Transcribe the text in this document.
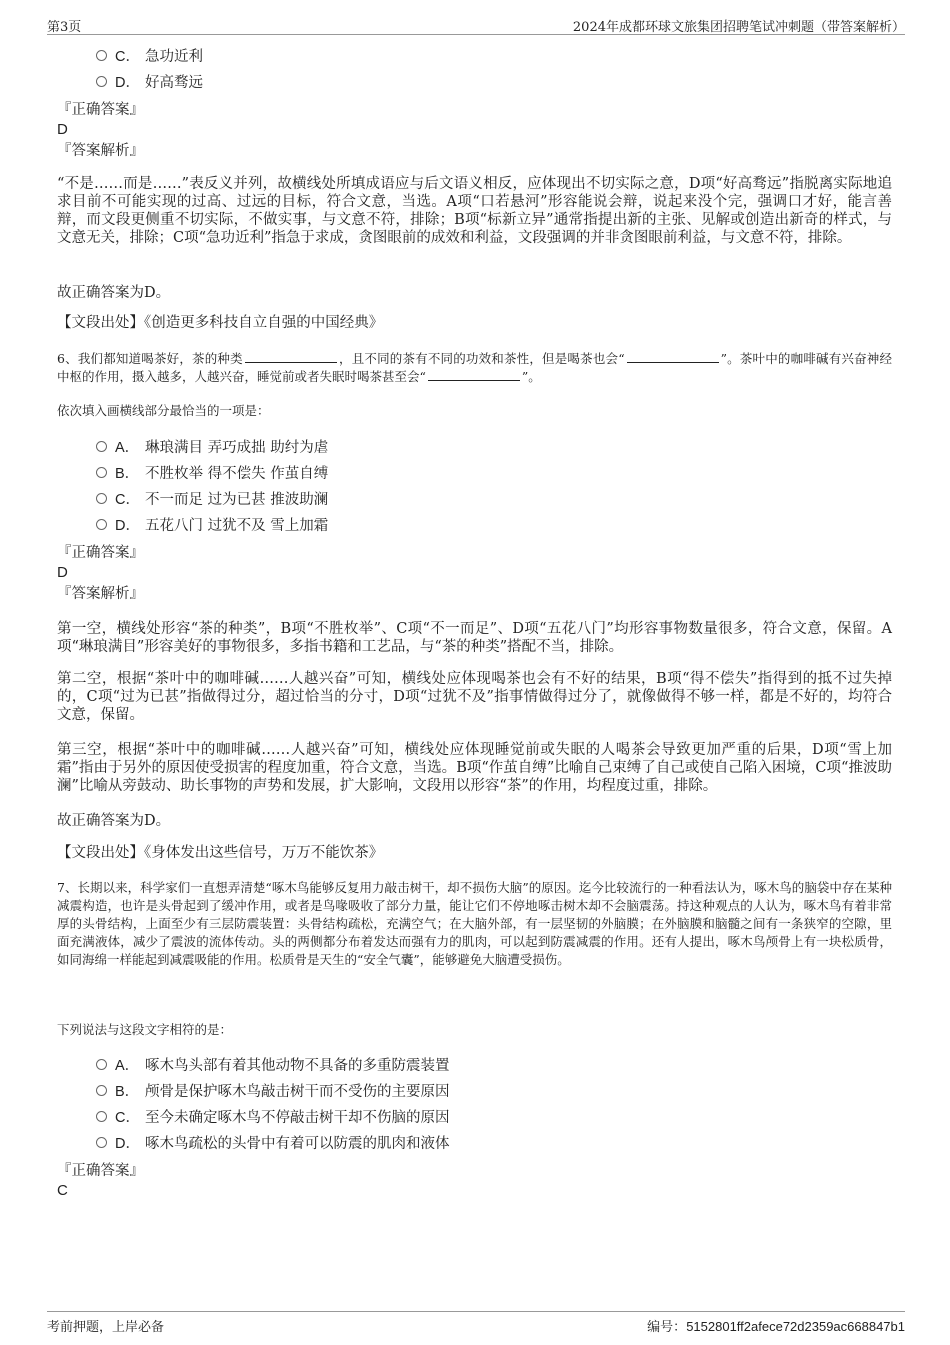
第3页	2024年成都环球文旅集团招聘笔试冲刺题（带答案解析）
C． 急功近利
D． 好高骛远
『正确答案』
D
『答案解析』
“不是……而是……”表反义并列，故横线处所填成语应与后文语义相反，应体现出不切实际之意，D项“好高骛远”指脱离实际地追求目前不可能实现的过高、过远的目标，符合文意，当选。A项“口若悬河”形容能说会辩，说起来没个完，强调口才好，能言善辩，而文段更侧重不切实际，不做实事，与文意不符，排除；B项“标新立异”通常指提出新的主张、见解或创造出新奇的样式，与文意无关，排除；C项“急功近利”指急于求成，贪图眼前的成效和利益，文段强调的并非贪图眼前利益，与文意不符，排除。
故正确答案为D。
【文段出处】《创造更多科技自立自强的中国经典》
6、我们都知道喝茶好，茶的种类	，且不同的茶有不同的功效和茶性，但是喝茶也会“	”。茶叶中的咖啡碱有兴奋神经中枢的作用，摄入越多，人越兴奋，睡觉前或者失眠时喝茶甚至会“	”。
依次填入画横线部分最恰当的一项是：
A． 琳琅满目 弄巧成拙 助纣为虐
B． 不胜枚举 得不偿失 作茧自缚
C． 不一而足 过为已甚 推波助澜
D． 五花八门 过犹不及 雪上加霜
『正确答案』
D
『答案解析』
第一空，横线处形容“茶的种类”，B项“不胜枚举”、C项“不一而足”、D项“五花八门”均形容事物数量很多，符合文意，保留。A项“琳琅满目”形容美好的事物很多，多指书籍和工艺品，与“茶的种类”搭配不当，排除。
第二空，根据“茶叶中的咖啡碱……人越兴奋”可知，横线处应体现喝茶也会有不好的结果，B项“得不偿失”指得到的抵不过失掉的，C项“过为已甚”指做得过分，超过恰当的分寸，D项“过犹不及”指事情做得过分了，就像做得不够一样，都是不好的，均符合文意，保留。
第三空，根据“茶叶中的咖啡碱……人越兴奋”可知，横线处应体现睡觉前或失眠的人喝茶会导致更加严重的后果，D项“雪上加霜”指由于另外的原因使受损害的程度加重，符合文意，当选。B项“作茧自缚”比喻自己束缚了自己或使自己陷入困境，C项“推波助澜”比喻从旁鼓动、助长事物的声势和发展，扩大影响，文段用以形容“茶”的作用，均程度过重，排除。
故正确答案为D。
【文段出处】《身体发出这些信号，万万不能饮茶》
7、长期以来，科学家们一直想弄清楚“啄木鸟能够反复用力敲击树干，却不损伤大脑”的原因。迄今比较流行的一种看法认为，啄木鸟的脑袋中存在某种减震构造，也许是头骨起到了缓冲作用，或者是鸟喙吸收了部分力量，能让它们不停地啄击树木却不会脑震荡。持这种观点的人认为，啄木鸟有着非常厚的头骨结构，上面至少有三层防震装置：头骨结构疏松，充满空气；在大脑外部，有一层坚韧的外脑膜；在外脑膜和脑髓之间有一条狭窄的空隙，里面充满液体，减少了震波的流体传动。头的两侧都分布着发达而强有力的肌肉，可以起到防震减震的作用。还有人提出，啄木鸟颅骨上有一块松质骨，如同海绵一样能起到减震吸能的作用。松质骨是天生的“安全气囊”，能够避免大脑遭受损伤。
下列说法与这段文字相符的是：
A． 啄木鸟头部有着其他动物不具备的多重防震装置
B． 颅骨是保护啄木鸟敲击树干而不受伤的主要原因
C． 至今未确定啄木鸟不停敲击树干却不伤脑的原因
D． 啄木鸟疏松的头骨中有着可以防震的肌肉和液体
『正确答案』
C
考前押题，上岸必备	编号：5152801ff2afece72d2359ac668847b1
